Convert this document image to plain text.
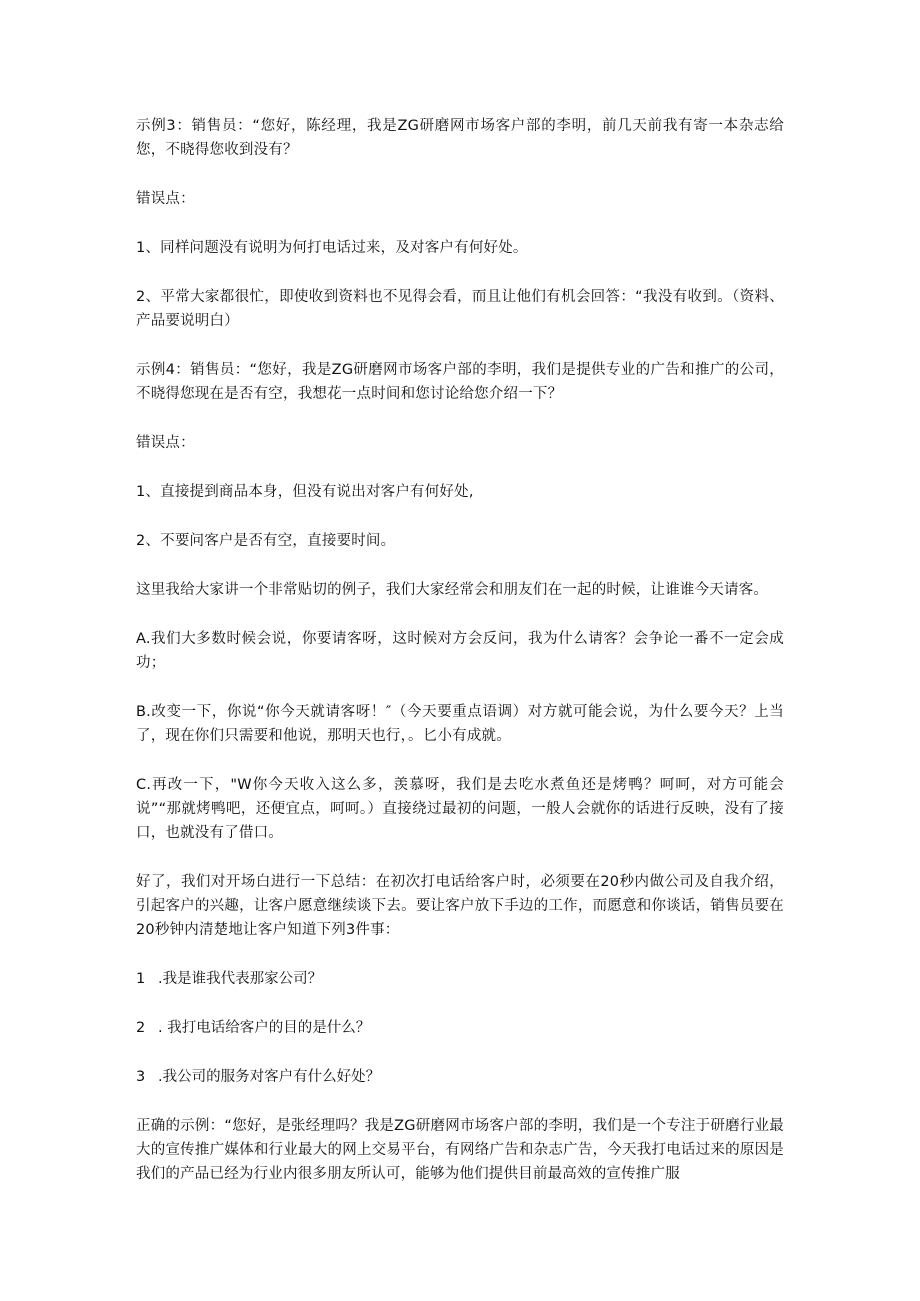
示例3：销售员：“您好，陈经理，我是ZG研磨网市场客户部的李明，前几天前我有寄一本杂志给您，不晓得您收到没有？

错误点：

1、同样问题没有说明为何打电话过来，及对客户有何好处。

2、平常大家都很忙，即使收到资料也不见得会看，而且让他们有机会回答：“我没有收到。（资料、产品要说明白）

示例4：销售员：“您好，我是ZG研磨网市场客户部的李明，我们是提供专业的广告和推广的公司，不晓得您现在是否有空，我想花一点时间和您讨论给您介绍一下？

错误点：

1、直接提到商品本身，但没有说出对客户有何好处,

2、不要问客户是否有空，直接要时间。

这里我给大家讲一个非常贴切的例子，我们大家经常会和朋友们在一起的时候，让谁谁今天请客。

A.我们大多数时候会说，你要请客呀，这时候对方会反问，我为什么请客？会争论一番不一定会成功；

B.改变一下，你说“你今天就请客呀！″（今天要重点语调）对方就可能会说，为什么要今天？上当了，现在你们只需要和他说，那明天也行，。匕小有成就。

C.再改一下，"W你今天收入这么多，羡慕呀，我们是去吃水煮鱼还是烤鸭？呵呵，对方可能会说”“那就烤鸭吧，还便宜点，呵呵。）直接绕过最初的问题，一般人会就你的话进行反映，没有了接口，也就没有了借口。

好了，我们对开场白进行一下总结：在初次打电话给客户时，必须要在20秒内做公司及自我介绍，引起客户的兴趣，让客户愿意继续谈下去。要让客户放下手边的工作，而愿意和你谈话，销售员要在20秒钟内清楚地让客户知道下列3件事：

1 .我是谁我代表那家公司？
2 . 我打电话给客户的目的是什么？
3 .我公司的服务对客户有什么好处？

正确的示例：“您好，是张经理吗？我是ZG研磨网市场客户部的李明，我们是一个专注于研磨行业最大的宣传推广媒体和行业最大的网上交易平台，有网络广告和杂志广告，今天我打电话过来的原因是我们的产品已经为行业内很多朋友所认可，能够为他们提供目前最高效的宣传推广服
